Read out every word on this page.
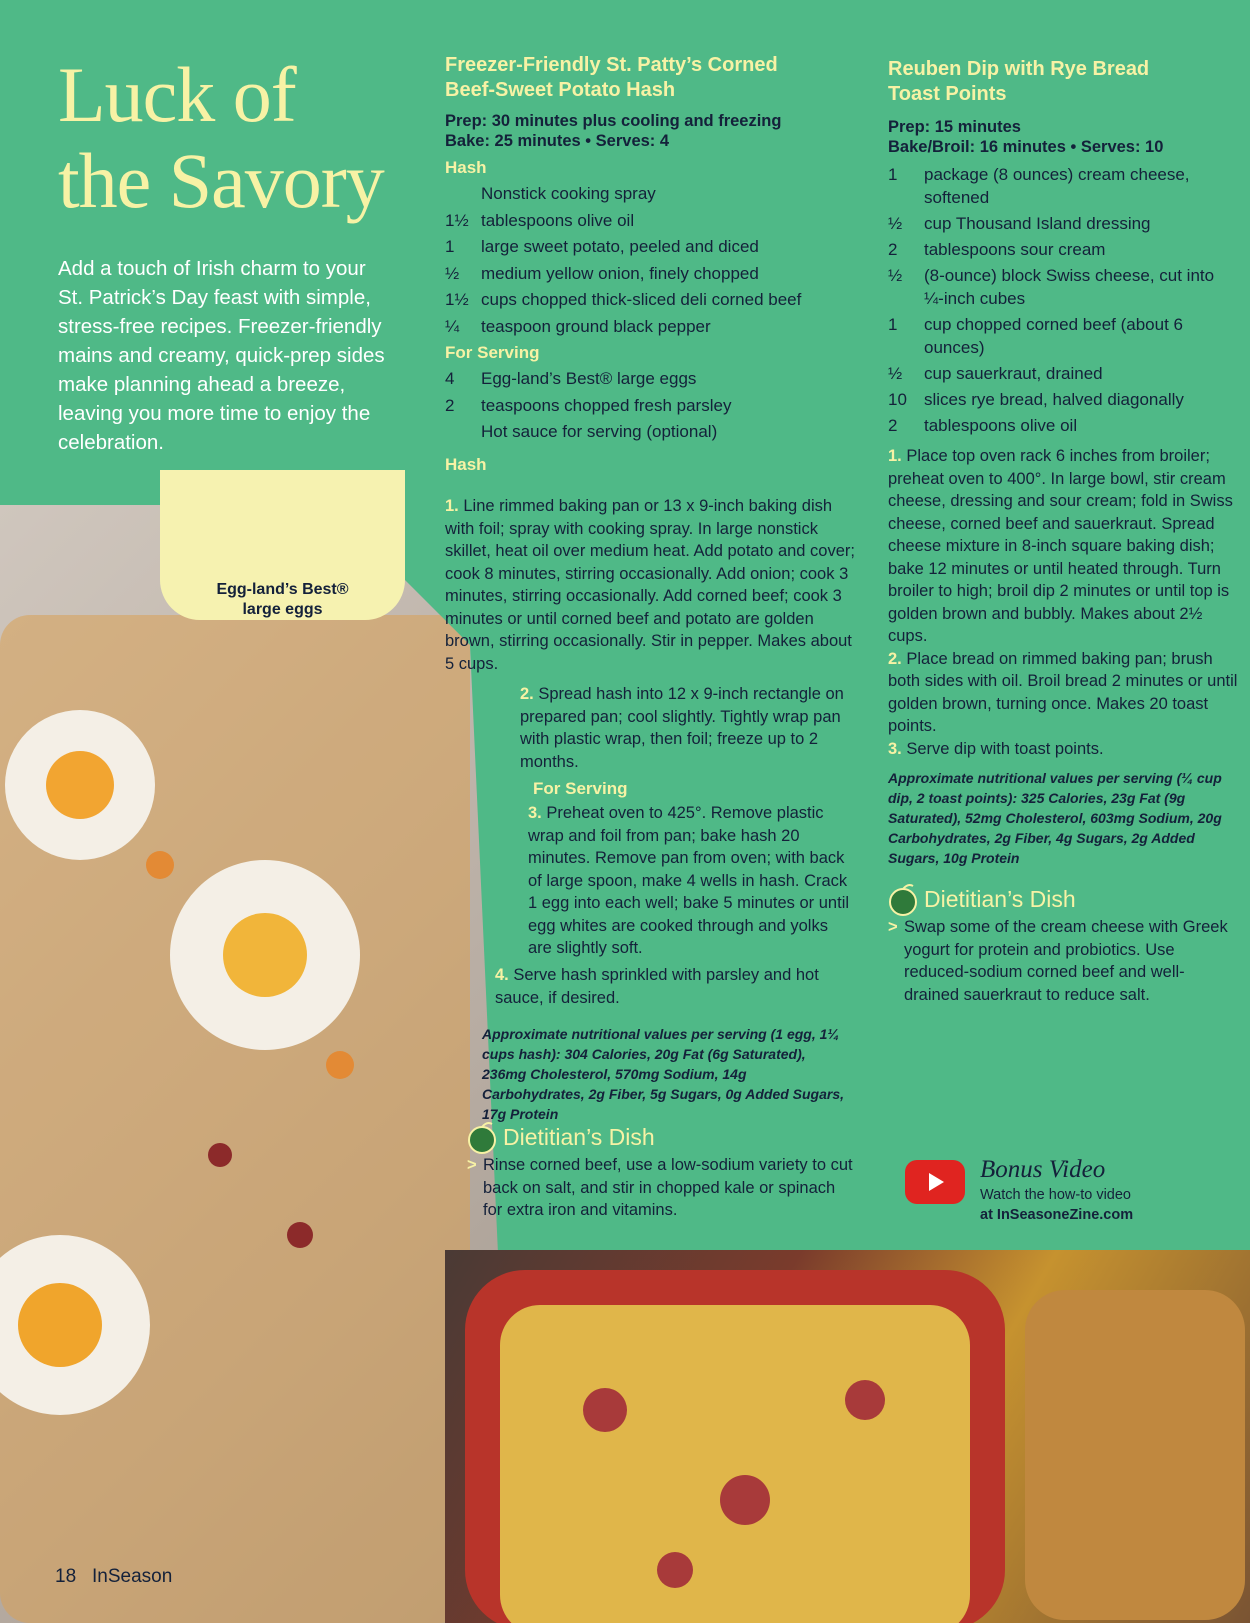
Egg-land’s Best®
large eggs
Luck of
the Savory
Add a touch of Irish charm to your St. Patrick’s Day feast with simple, stress-free recipes. Freezer-friendly mains and creamy, quick-prep sides make planning ahead a breeze, leaving you more time to enjoy the celebration.
Freezer-Friendly St. Patty’s Corned
Beef-Sweet Potato Hash
Prep: 30 minutes plus cooling and freezing
Bake: 25 minutes • Serves: 4
Hash
Nonstick cooking spray
1½ tablespoons olive oil
1 large sweet potato, peeled and diced
½ medium yellow onion, finely chopped
1½ cups chopped thick-sliced deli corned beef
¼ teaspoon ground black pepper
For Serving
4 Egg-land’s Best® large eggs
2 teaspoons chopped fresh parsley
Hot sauce for serving (optional)
Hash
1. Line rimmed baking pan or 13 x 9-inch baking dish with foil; spray with cooking spray. In large nonstick skillet, heat oil over medium heat. Add potato and cover; cook 8 minutes, stirring occasionally. Add onion; cook 3 minutes, stirring occasionally. Add corned beef; cook 3 minutes or until corned beef and potato are golden brown, stirring occasionally. Stir in pepper. Makes about 5 cups.
2. Spread hash into 12 x 9-inch rectangle on prepared pan; cool slightly. Tightly wrap pan with plastic wrap, then foil; freeze up to 2 months.
For Serving
3. Preheat oven to 425°. Remove plastic wrap and foil from pan; bake hash 20 minutes. Remove pan from oven; with back of large spoon, make 4 wells in hash. Crack 1 egg into each well; bake 5 minutes or until egg whites are cooked through and yolks are slightly soft.
4. Serve hash sprinkled with parsley and hot sauce, if desired.
Approximate nutritional values per serving (1 egg, 1¼ cups hash): 304 Calories, 20g Fat (6g Saturated), 236mg Cholesterol, 570mg Sodium, 14g Carbohydrates, 2g Fiber, 5g Sugars, 0g Added Sugars, 17g Protein
Dietitian’s Dish
> Rinse corned beef, use a low-sodium variety to cut back on salt, and stir in chopped kale or spinach for extra iron and vitamins.
Reuben Dip with Rye Bread
Toast Points
Prep: 15 minutes
Bake/Broil: 16 minutes • Serves: 10
1	package (8 ounces) cream cheese, softened
½	cup Thousand Island dressing
2	tablespoons sour cream
½	(8-ounce) block Swiss cheese, cut into ¼-inch cubes
1	cup chopped corned beef (about 6 ounces)
½	cup sauerkraut, drained
10	slices rye bread, halved diagonally
2	tablespoons olive oil
1. Place top oven rack 6 inches from broiler; preheat oven to 400°. In large bowl, stir cream cheese, dressing and sour cream; fold in Swiss cheese, corned beef and sauerkraut. Spread cheese mixture in 8-inch square baking dish; bake 12 minutes or until heated through. Turn broiler to high; broil dip 2 minutes or until top is golden brown and bubbly. Makes about 2½ cups.
2. Place bread on rimmed baking pan; brush both sides with oil. Broil bread 2 minutes or until golden brown, turning once. Makes 20 toast points.
3. Serve dip with toast points.
Approximate nutritional values per serving (¼ cup dip, 2 toast points): 325 Calories, 23g Fat (9g Saturated), 52mg Cholesterol, 603mg Sodium, 20g Carbohydrates, 2g Fiber, 4g Sugars, 2g Added Sugars, 10g Protein
Dietitian’s Dish
> Swap some of the cream cheese with Greek yogurt for protein and probiotics. Use reduced-sodium corned beef and well-drained sauerkraut to reduce salt.
Bonus Video
Watch the how-to video
at InSeasoneZine.com
18 InSeason
